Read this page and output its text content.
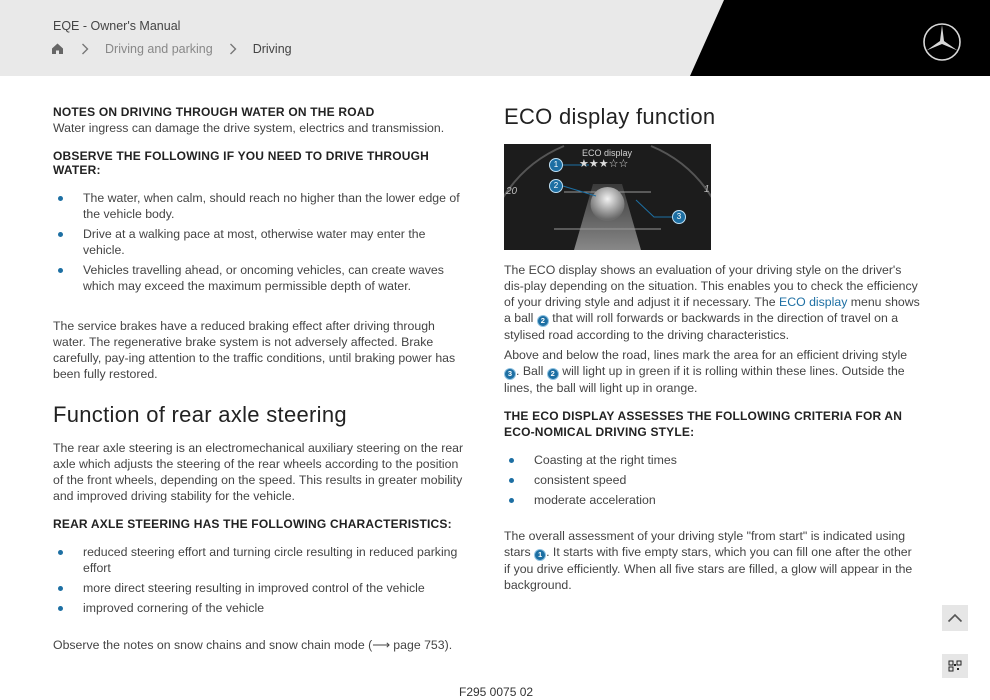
EQE - Owner's Manual
Driving and parking	Driving
NOTES ON DRIVING THROUGH WATER ON THE ROAD
Water ingress can damage the drive system, electrics and transmission.
OBSERVE THE FOLLOWING IF YOU NEED TO DRIVE THROUGH WATER:
The water, when calm, should reach no higher than the lower edge of the vehicle body.
Drive at a walking pace at most, otherwise water may enter the vehicle.
Vehicles travelling ahead, or oncoming vehicles, can create waves which may exceed the maximum permissible depth of water.
The service brakes have a reduced braking effect after driving through water. The regenerative brake system is not adversely affected. Brake carefully, pay-ing attention to the traffic conditions, until braking power has been fully restored.
Function of rear axle steering
The rear axle steering is an electromechanical auxiliary steering on the rear axle which adjusts the steering of the rear wheels according to the position of the front wheels, depending on the speed. This results in greater mobility and improved driving stability for the vehicle.
REAR AXLE STEERING HAS THE FOLLOWING CHARACTERISTICS:
reduced steering effort and turning circle resulting in reduced parking effort
more direct steering resulting in improved control of the vehicle
improved cornering of the vehicle
Observe the notes on snow chains and snow chain mode (⟶ page 753).
ECO display function
20	1
ECO display
★★★☆☆
1
2
3
The ECO display shows an evaluation of your driving style on the driver's dis-play depending on the situation. This enables you to check the efficiency of your driving style and adjust it if necessary. The ECO display menu shows a ball 2 that will roll forwards or backwards in the direction of travel on a stylised road according to the driving characteristics.
Above and below the road, lines mark the area for an efficient driving style 3 . Ball 2 will light up in green if it is rolling within these lines. Outside the lines, the ball will light up in orange.
THE ECO DISPLAY ASSESSES THE FOLLOWING CRITERIA FOR AN ECO-NOMICAL DRIVING STYLE:
Coasting at the right times
consistent speed
moderate acceleration
The overall assessment of your driving style "from start" is indicated using stars 1 . It starts with five empty stars, which you can fill one after the other if you drive efficiently. When all five stars are filled, a glow will appear in the background.
F295 0075 02
